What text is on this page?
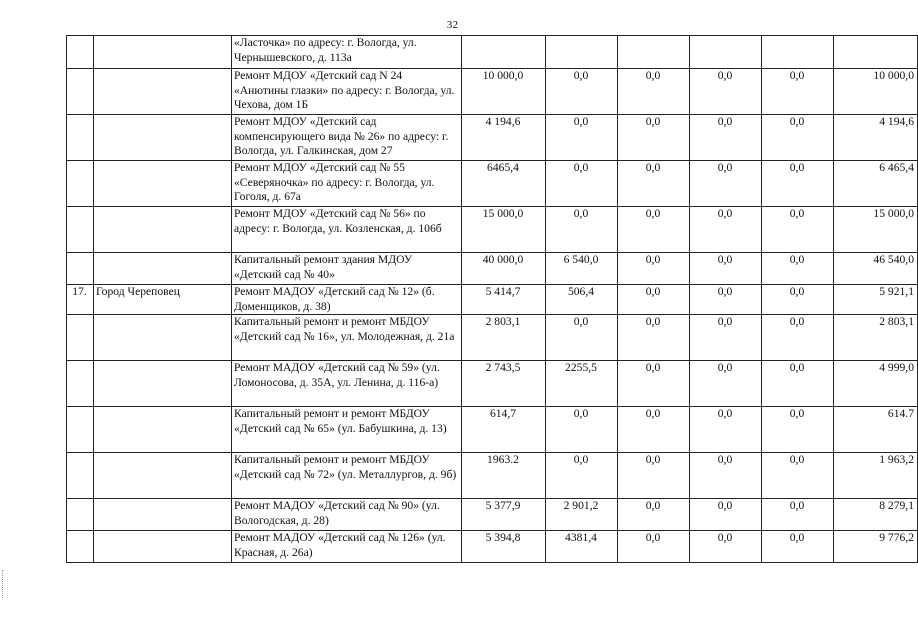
32
		«Ласточка» по адресу: г. Вологда, ул. Чернышевского, д. 113а						
		Ремонт МДОУ «Детский сад N 24 «Анютины глазки» по адресу: г. Вологда, ул. Чехова, дом 1Б	10 000,0	0,0	0,0	0,0	0,0	10 000,0
		Ремонт МДОУ «Детский сад компенсирующего вида № 26» по адресу: г. Вологда, ул. Галкинская, дом 27	4 194,6	0,0	0,0	0,0	0,0	4 194,6
		Ремонт МДОУ «Детский сад № 55 «Северяночка» по адресу: г. Вологда, ул. Гоголя, д. 67а	6465,4	0,0	0,0	0,0	0,0	6 465,4
		Ремонт МДОУ «Детский сад № 56» по адресу: г. Вологда, ул. Козленская, д. 106б	15 000,0	0,0	0,0	0,0	0,0	15 000,0
		Капитальный ремонт здания МДОУ «Детский сад № 40»	40 000,0	6 540,0	0,0	0,0	0,0	46 540,0
17.	Город Череповец	Ремонт МАДОУ «Детский сад № 12» (б. Доменщиков, д. 38)	5 414,7	506,4	0,0	0,0	0,0	5 921,1
		Капитальный ремонт и ремонт МБДОУ «Детский сад № 16», ул. Молодежная, д. 21а	2 803,1	0,0	0,0	0,0	0,0	2 803,1
		Ремонт МАДОУ «Детский сад № 59» (ул. Ломоносова, д. 35А, ул. Ленина, д. 116-а)	2 743,5	2255,5	0,0	0,0	0,0	4 999,0
		Капитальный ремонт и ремонт МБДОУ «Детский сад № 65» (ул. Бабушкина, д. 13)	614,7	0,0	0,0	0,0	0,0	614.7
		Капитальный ремонт и ремонт МБДОУ «Детский сад № 72» (ул. Металлургов, д. 9б)	1963.2	0,0	0,0	0,0	0,0	1 963,2
		Ремонт МАДОУ «Детский сад № 90» (ул. Вологодская, д. 28)	5 377,9	2 901,2	0,0	0,0	0,0	8 279,1
		Ремонт МАДОУ «Детский сад № 126» (ул. Красная, д. 26а)	5 394,8	4381,4	0,0	0,0	0,0	9 776,2
